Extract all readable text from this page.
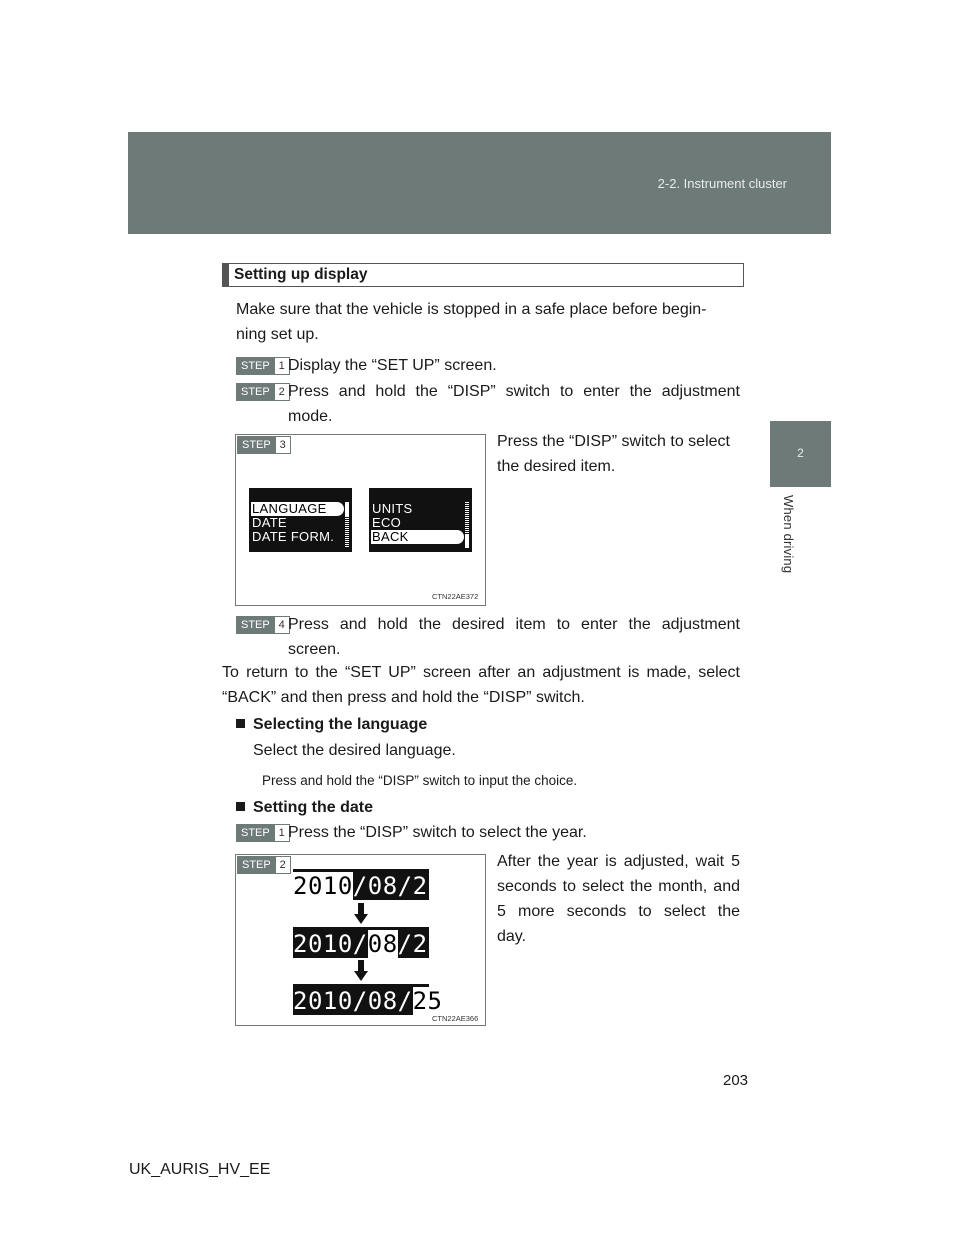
2-2. Instrument cluster
2
When driving
Setting up display
Make sure that the vehicle is stopped in a safe place before begin-
ning set up.
STEP 1 Display the “SET UP” screen.
STEP 2 Press and hold the “DISP” switch to enter the adjustment
mode.
STEP 3
LANGUAGE
DATE
DATE FORM.
UNITS
ECO
BACK
CTN22AE372
Press the “DISP” switch to select
the desired item.
STEP 4 Press and hold the desired item to enter the adjustment
screen.
To return to the “SET UP” screen after an adjustment is made, select
“BACK” and then press and hold the “DISP” switch.
Selecting the language
Select the desired language.
Press and hold the “DISP” switch to input the choice.
Setting the date
STEP 1 Press the “DISP” switch to select the year.
STEP 2
2010/08/25
2010/08/25
2010/08/25
CTN22AE366
After the year is adjusted, wait 5
seconds to select the month, and
5 more seconds to select the
day.
203
UK_AURIS_HV_EE
